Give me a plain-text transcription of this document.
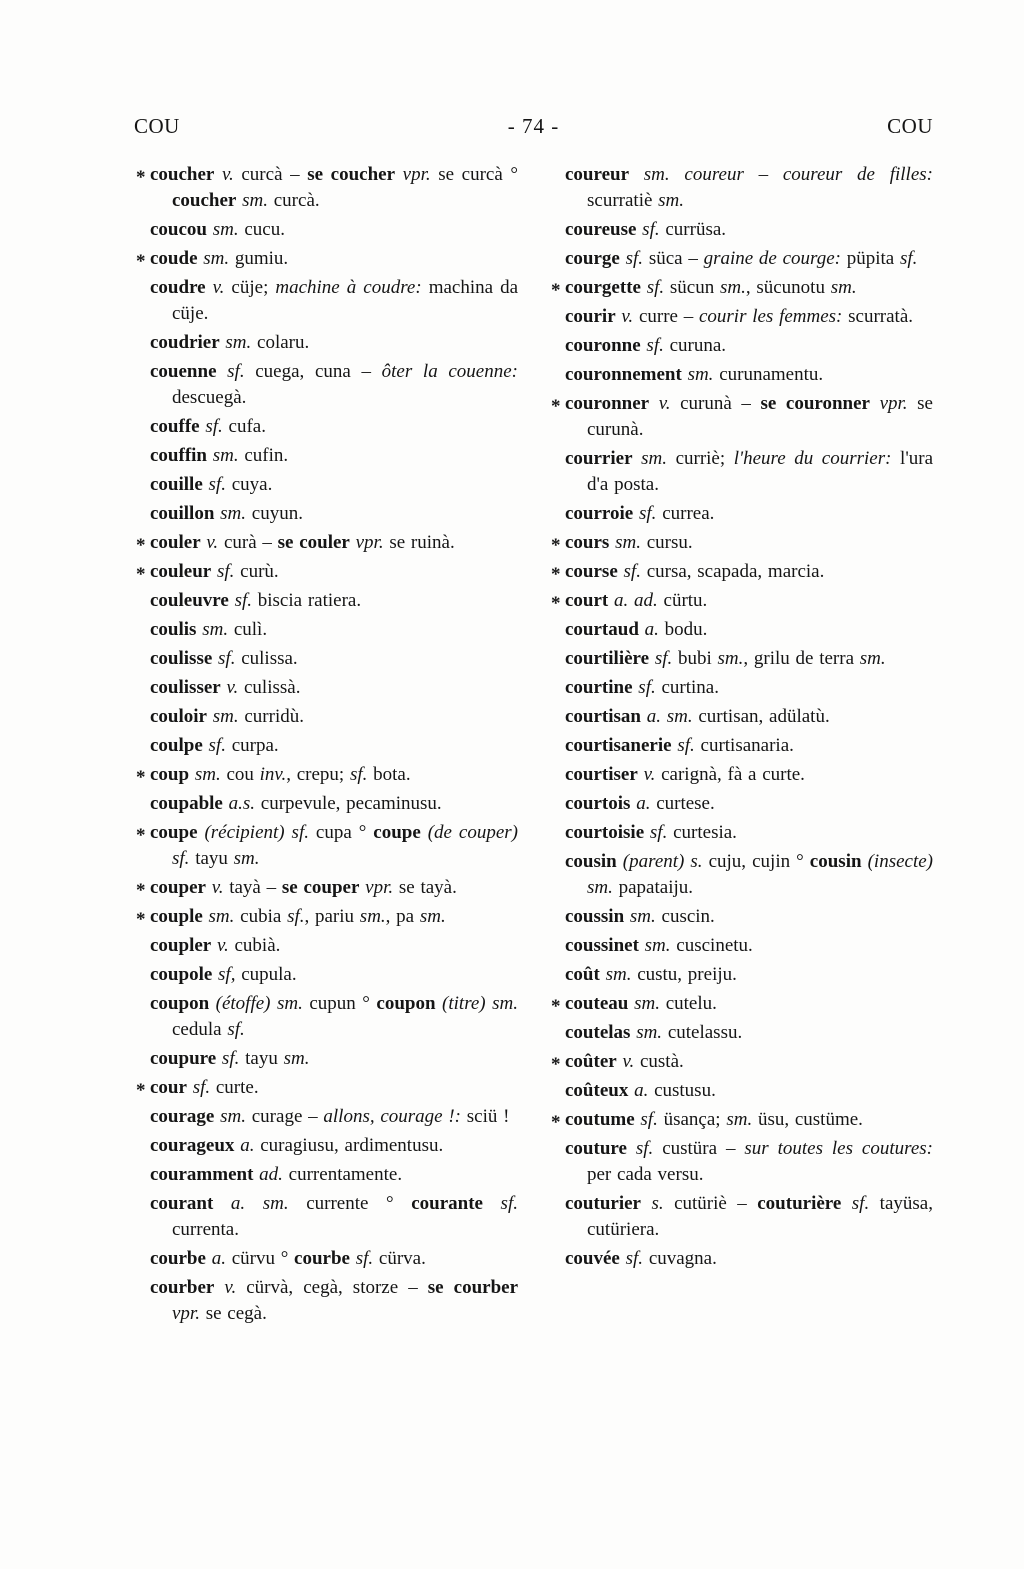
COU	- 74 -	COU
* coucher v. curcà – se coucher vpr. se curcà ° coucher sm. curcà.
coucou sm. cucu.
* coude sm. gumiu.
coudre v. cüje; machine à coudre: machina da cüje.
coudrier sm. colaru.
couenne sf. cuega, cuna – ôter la couenne: descuegà.
couffe sf. cufa.
couffin sm. cufin.
couille sf. cuya.
couillon sm. cuyun.
* couler v. curà – se couler vpr. se ruinà.
* couleur sf. curù.
couleuvre sf. biscia ratiera.
coulis sm. culì.
coulisse sf. culissa.
coulisser v. culissà.
couloir sm. curridù.
coulpe sf. curpa.
* coup sm. cou inv., crepu; sf. bota.
coupable a.s. curpevule, pecaminusu.
* coupe (récipient) sf. cupa ° coupe (de couper) sf. tayu sm.
* couper v. tayà – se couper vpr. se tayà.
* couple sm. cubia sf., pariu sm., pa sm.
coupler v. cubià.
coupole sf, cupula.
coupon (étoffe) sm. cupun ° coupon (titre) sm. cedula sf.
coupure sf. tayu sm.
* cour sf. curte.
courage sm. curage – allons, courage !: sciü !
courageux a. curagiusu, ardimentusu.
couramment ad. currentamente.
courant a. sm. currente ° courante sf. currenta.
courbe a. cürvu ° courbe sf. cürva.
courber v. cürvà, cegà, storze – se courber vpr. se cegà.
coureur sm. coureur – coureur de filles: scurratiè sm.
coureuse sf. currüsa.
courge sf. süca – graine de courge: püpita sf.
* courgette sf. sücun sm., sücunotu sm.
courir v. curre – courir les femmes: scurratà.
couronne sf. curuna.
couronnement sm. curunamentu.
* couronner v. curunà – se couronner vpr. se curunà.
courrier sm. curriè; l'heure du courrier: l'ura d'a posta.
courroie sf. currea.
* cours sm. cursu.
* course sf. cursa, scapada, marcia.
* court a. ad. cürtu.
courtaud a. bodu.
courtilière sf. bubi sm., grilu de terra sm.
courtine sf. curtina.
courtisan a. sm. curtisan, adülatù.
courtisanerie sf. curtisanaria.
courtiser v. carignà, fà a curte.
courtois a. curtese.
courtoisie sf. curtesia.
cousin (parent) s. cuju, cujin ° cousin (insecte) sm. papataiju.
coussin sm. cuscin.
coussinet sm. cuscinetu.
coût sm. custu, preiju.
* couteau sm. cutelu.
coutelas sm. cutelassu.
* coûter v. custà.
coûteux a. custusu.
* coutume sf. üsança; sm. üsu, custüme.
couture sf. custüra – sur toutes les coutures: per cada versu.
couturier s. cutüriè – couturière sf. tayüsa, cutüriera.
couvée sf. cuvagna.
